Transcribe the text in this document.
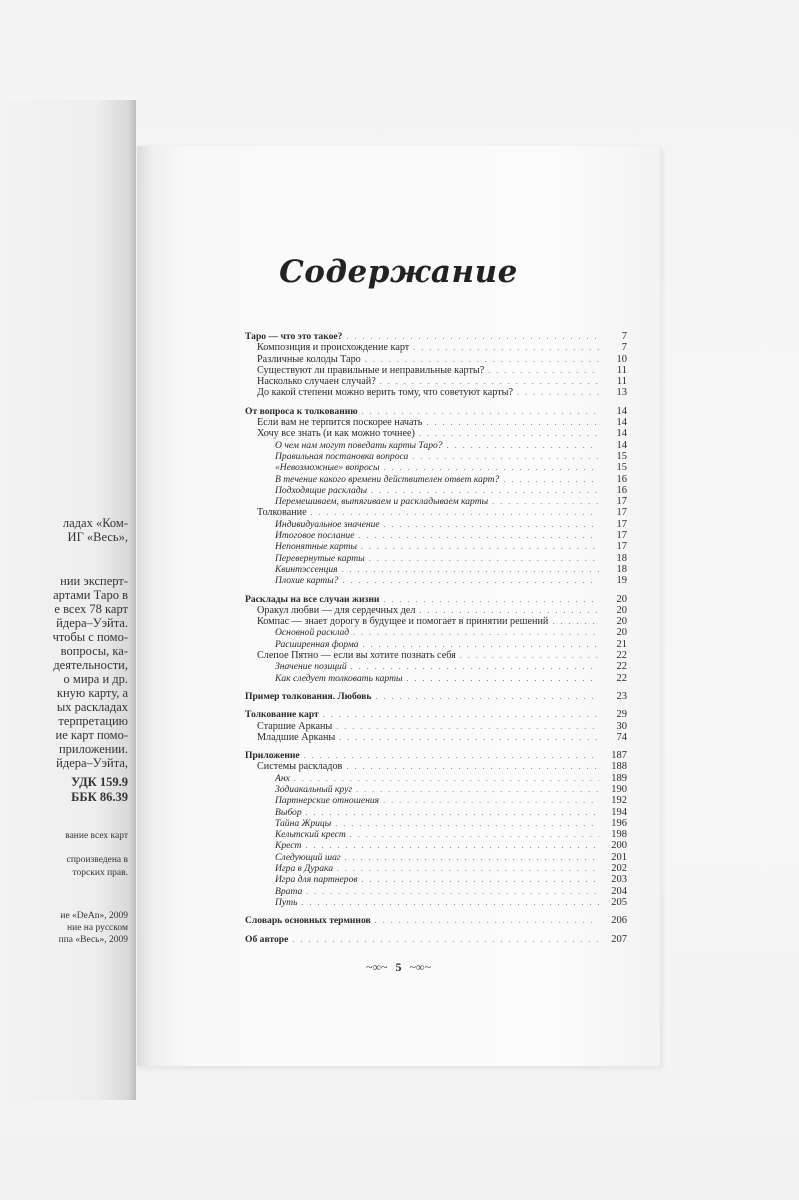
ладах «Ком-
ИГ «Весь»,
нии эксперт-
артами Таро в
е всех 78 карт
йдера–Уэйта.
чтобы с помо-
вопросы, ка-
деятельности,
о мира и др.
кную карту, а
ых раскладах
терпретацию
ие карт помо-
приложении.
йдера–Уэйта,
УДК 159.9
ББК 86.39
вание всех карт
спроизведена в
торских прав.
ие «DeAn», 2009
ние на русском
ппа «Весь», 2009
Содержание
Таро — что это такое? . . .	7
Композиция и происхождение карт . . .	7
Различные колоды Таро . . .	10
Существуют ли правильные и неправильные карты? . . .	11
Насколько случаен случай? . . .	11
До какой степени можно верить тому, что советуют карты? . . .	13
От вопроса к толкованию . . .	14
Если вам не терпится поскорее начать . . .	14
Хочу все знать (и как можно точнее) . . .	14
О чем нам могут поведать карты Таро? . . .	14
Правильная постановка вопроса . . .	15
«Невозможные» вопросы . . .	15
В течение какого времени действителен ответ карт? . . .	16
Подходящие расклады . . .	16
Перемешиваем, вытягиваем и раскладываем карты . . .	17
Толкование . . .	17
Индивидуальное значение . . .	17
Итоговое послание . . .	17
Непонятные карты . . .	17
Перевернутые карты . . .	18
Квинтэссенция . . .	18
Плохие карты? . . .	19
Расклады на все случаи жизни . . .	20
Оракул любви — для сердечных дел . . .	20
Компас — знает дорогу в будущее и помогает в принятии решений . . .	20
Основной расклад . . .	20
Расширенная форма . . .	21
Слепое Пятно — если вы хотите познать себя . . .	22
Значение позиций . . .	22
Как следует толковать карты . . .	22
Пример толкования. Любовь . . .	23
Толкование карт . . .	29
Старшие Арканы . . .	30
Младшие Арканы . . .	74
Приложение . . .	187
Системы раскладов . . .	188
Анх . . .	189
Зодиакальный круг . . .	190
Партнерские отношения . . .	192
Выбор . . .	194
Тайна Жрицы . . .	196
Кельтский крест . . .	198
Крест . . .	200
Следующий шаг . . .	201
Игра в Дурака . . .	202
Игра для партнеров . . .	203
Врата . . .	204
Путь . . .	205
Словарь основных терминов . . .	206
Об авторе . . .	207
~∞~ 5 ~∞~
